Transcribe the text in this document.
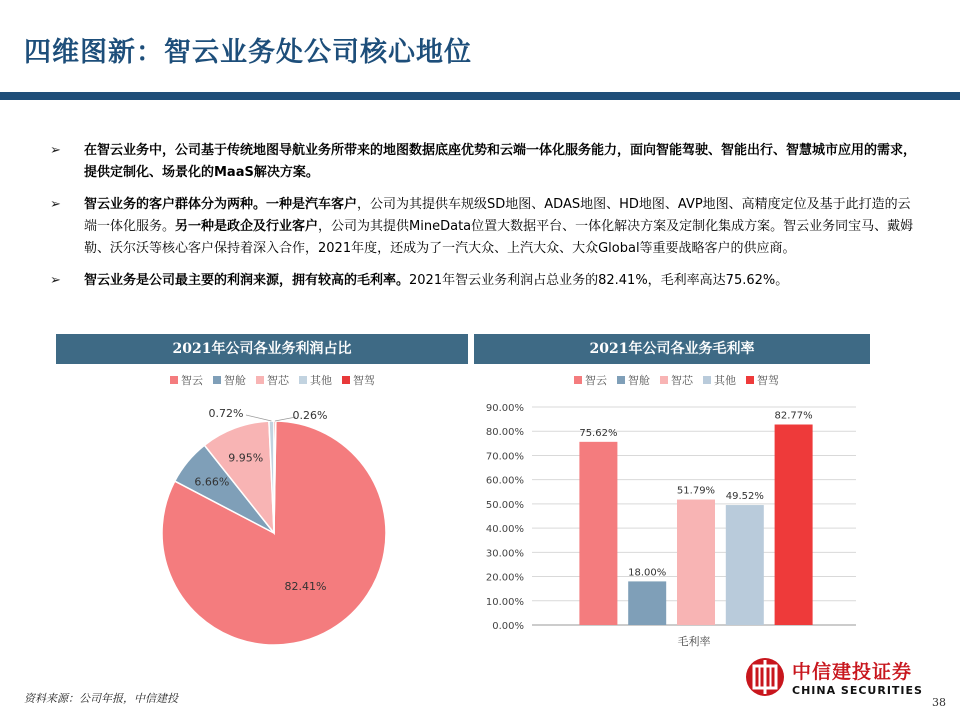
四维图新：智云业务处公司核心地位
➢ 在智云业务中，公司基于传统地图导航业务所带来的地图数据底座优势和云端一体化服务能力，面向智能驾驶、智能出行、智慧城市应用的需求，提供定制化、场景化的MaaS解决方案。
➢ 智云业务的客户群体分为两种。一种是汽车客户，公司为其提供车规级SD地图、ADAS地图、HD地图、AVP地图、高精度定位及基于此打造的云端一体化服务。另一种是政企及行业客户，公司为其提供MineData位置大数据平台、一体化解决方案及定制化集成方案。智云业务同宝马、戴姆勒、沃尔沃等核心客户保持着深入合作，2021年度，还成为了一汽大众、上汽大众、大众Global等重要战略客户的供应商。
➢ 智云业务是公司最主要的利润来源，拥有较高的毛利率。2021年智云业务利润占总业务的82.41%，毛利率高达75.62%。
2021年公司各业务利润占比	2021年公司各业务毛利率
智云 智舱 智芯 其他 智驾	智云 智舱 智芯 其他 智驾
82.41%
6.66%
9.95%
0.72%	0.26%
0.00%
10.00%
20.00%
30.00%
40.00%
50.00%
60.00%
70.00%
80.00%
90.00%
75.62%
18.00%
51.79% 49.52%
82.77%
毛利率
资料来源：公司年报，中信建投	38
中信建投证券
CHINA SECURITIES
